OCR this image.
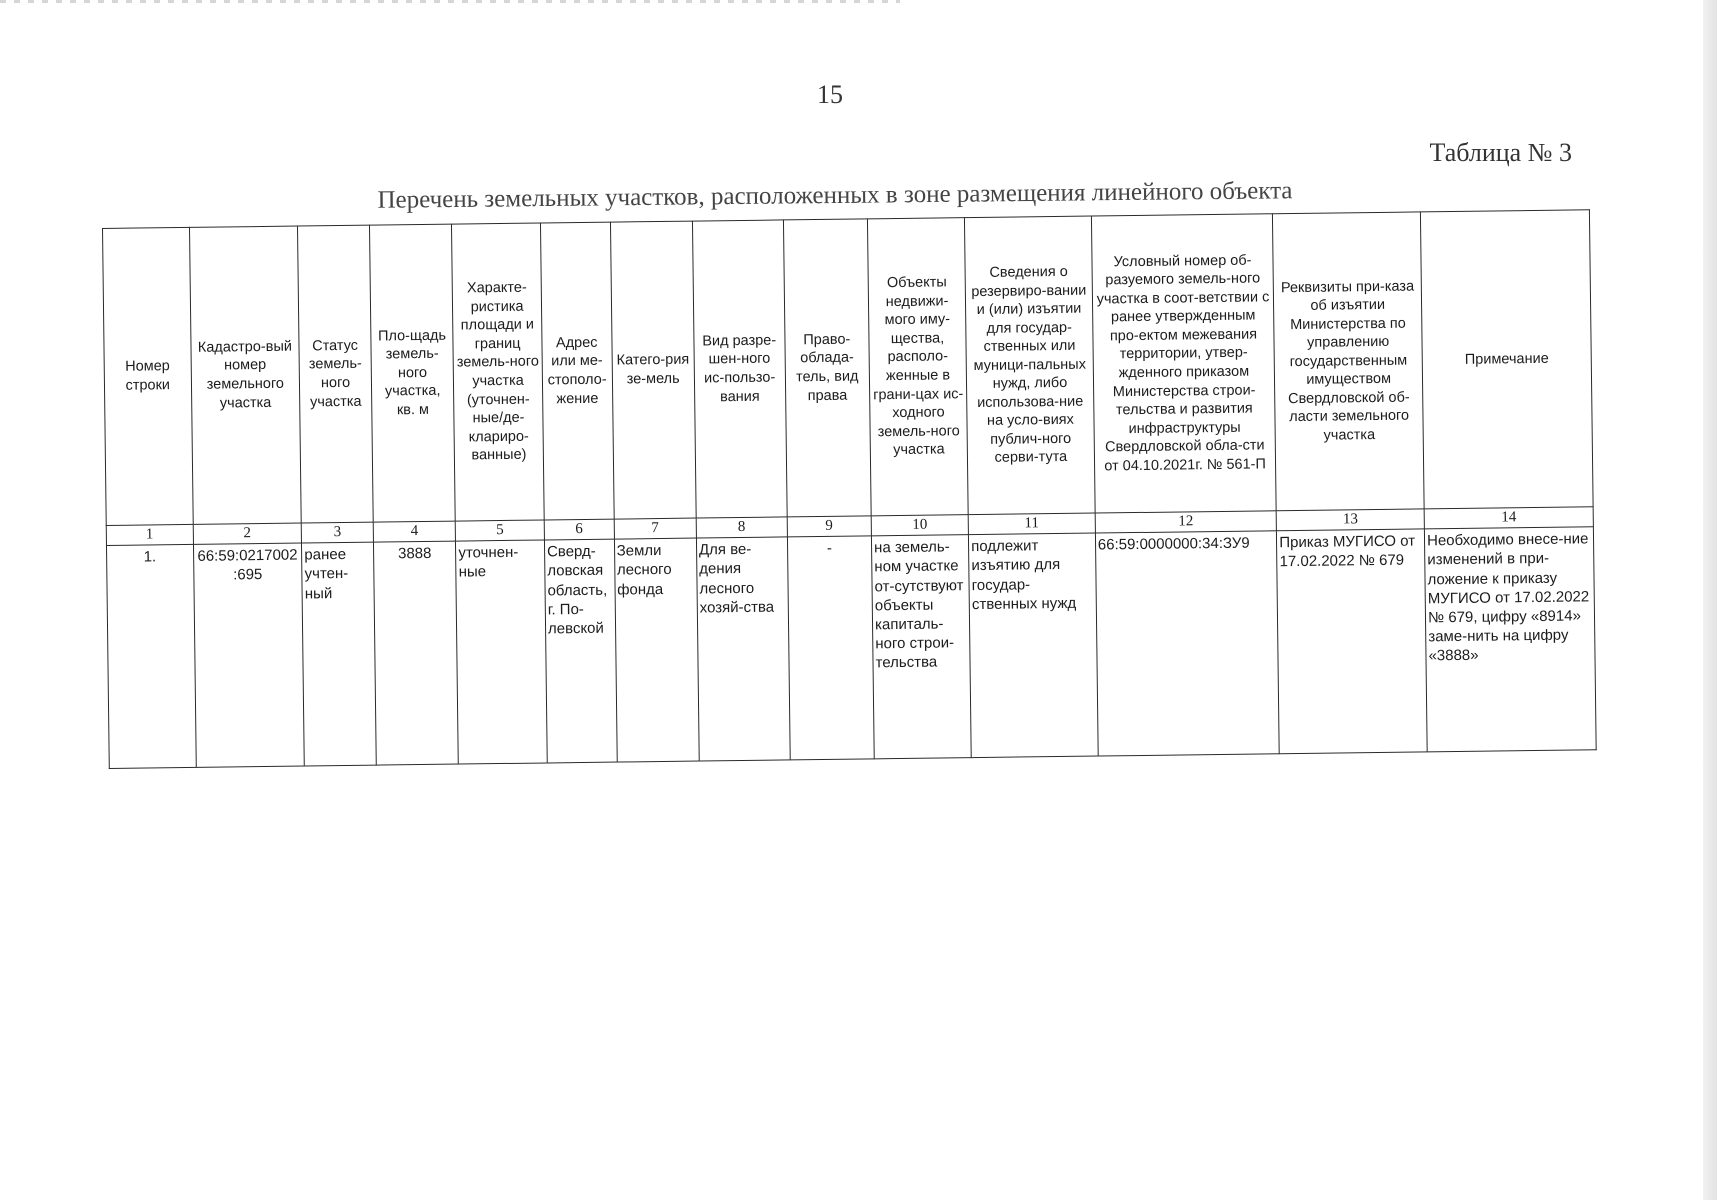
15
Таблица № 3
Перечень земельных участков, расположенных в зоне размещения линейного объекта
Номер строки	Кадастро-вый номер земельного участка	Статус земель-ного участка	Пло-щадь земель-ного участка, кв. м	Характе-ристика площади и границ земель-ного участка (уточнен-ные/де-клариро-ванные)	Адрес или ме-стополо-жение	Катего-рия зе-мель	Вид разре-шен-ного ис-пользо-вания	Право-облада-тель, вид права	Объекты недвижи-мого иму-щества, располо-женные в грани-цах ис-ходного земель-ного участка	Сведения о резервиро-вании и (или) изъятии для государ-ственных или муници-пальных нужд, либо использова-ние на усло-виях публич-ного серви-тута	Условный номер об-разуемого земель-ного участка в соот-ветствии с ранее утвержденным про-ектом межевания территории, утвер-жденного приказом Министерства строи-тельства и развития инфраструктуры Свердловской обла-сти от 04.10.2021г. № 561-П	Реквизиты при-каза об изъятии Министерства по управлению государственным имуществом Свердловской об-ласти земельного участка	Примечание
1	2	3	4	5	6	7	8	9	10	11	12	13	14
1.	66:59:0217002:695	ранее учтен-ный	3888	уточнен-ные	Сверд-ловская область, г. По-левской	Земли лесного фонда	Для ве-дения лесного хозяй-ства	-	на земель-ном участке от-сутствуют объекты капиталь-ного строи-тельства	подлежит изъятию для государ-ственных нужд	66:59:0000000:34:ЗУ9	Приказ МУГИСО от 17.02.2022 № 679	Необходимо внесе-ние изменений в при-ложение к приказу МУГИСО от 17.02.2022 № 679, цифру «8914» заме-нить на цифру «3888»
